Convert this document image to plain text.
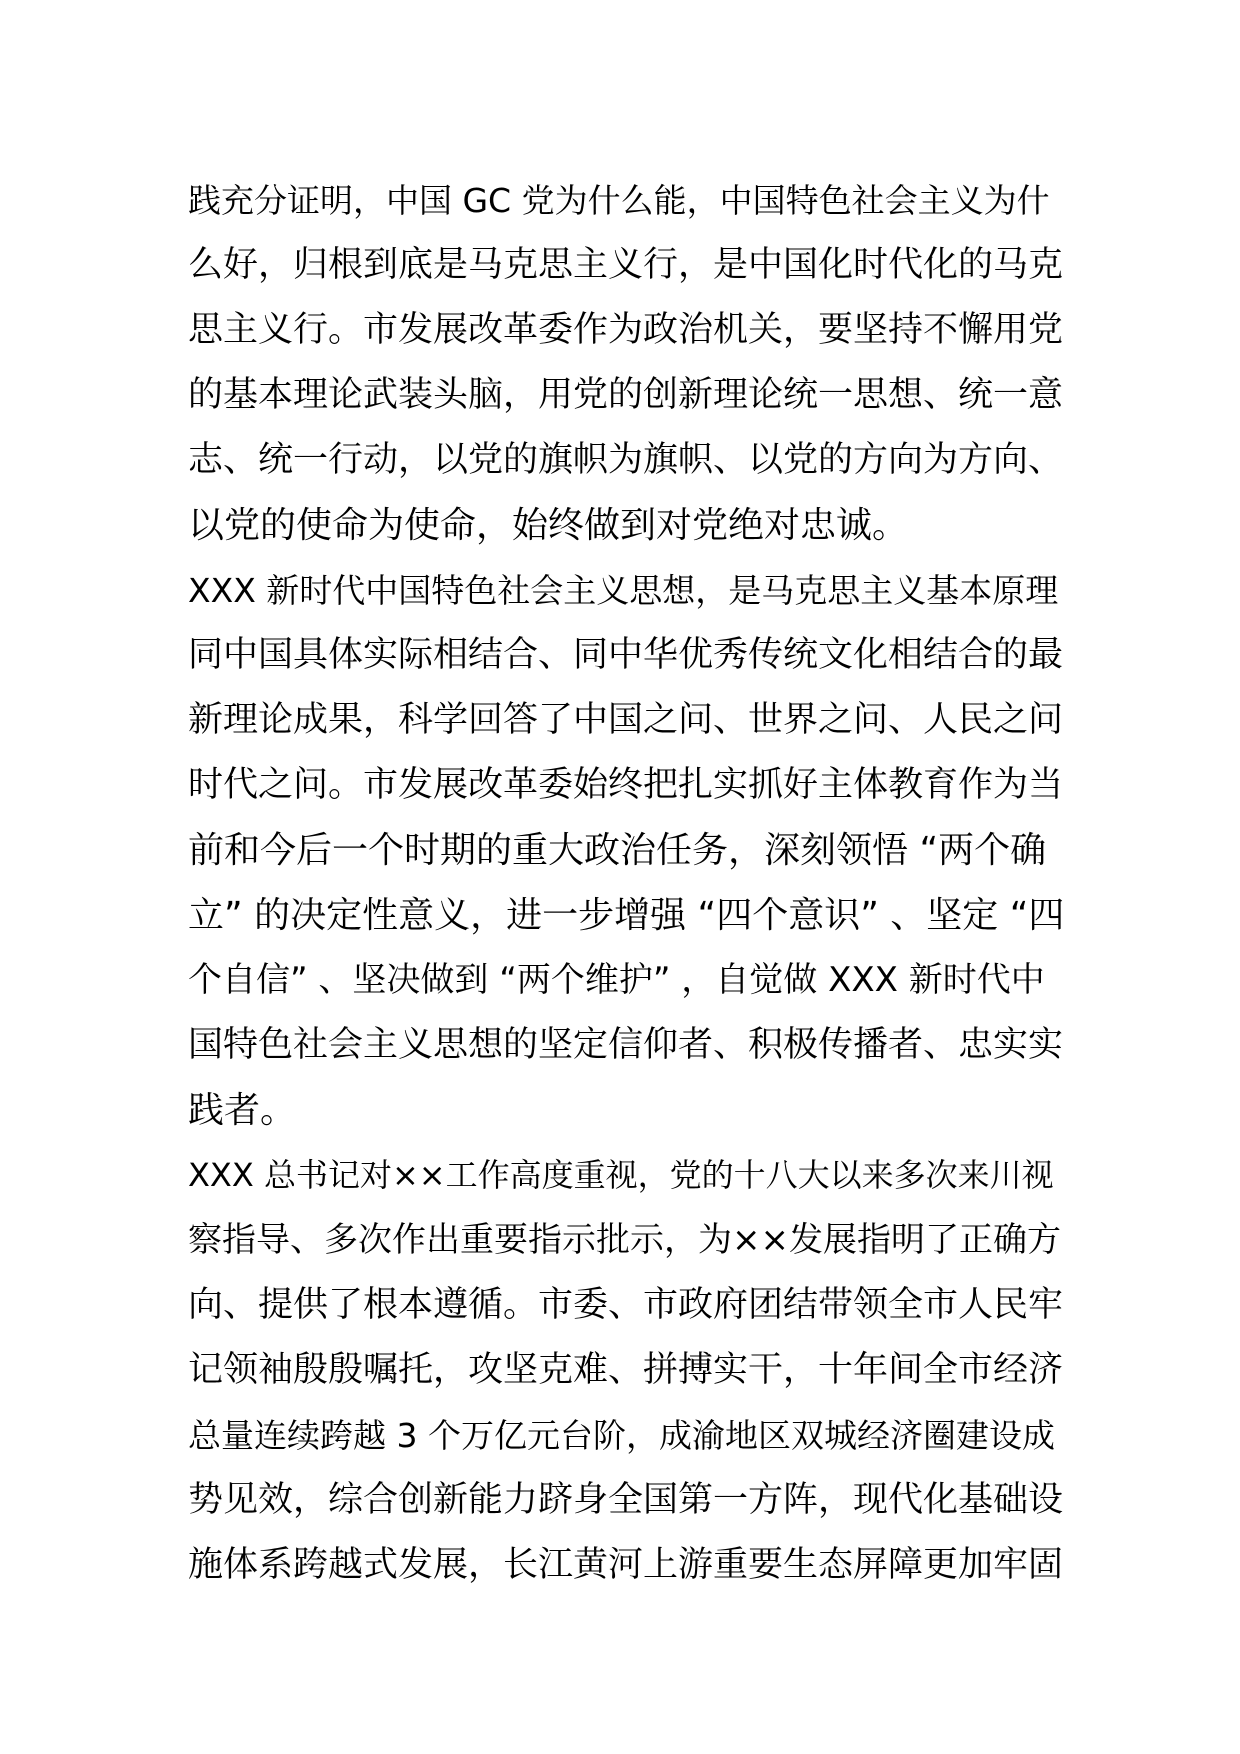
践充分证明，中国 GC 党为什么能，中国特色社会主义为什
么好，归根到底是马克思主义行，是中国化时代化的马克
思主义行。市发展改革委作为政治机关，要坚持不懈用党
的基本理论武装头脑，用党的创新理论统一思想、统一意
志、统一行动，以党的旗帜为旗帜、以党的方向为方向、
以党的使命为使命，始终做到对党绝对忠诚。
XXX 新时代中国特色社会主义思想，是马克思主义基本原理
同中国具体实际相结合、同中华优秀传统文化相结合的最
新理论成果，科学回答了中国之问、世界之问、人民之问
时代之问。市发展改革委始终把扎实抓好主体教育作为当
前和今后一个时期的重大政治任务，深刻领悟 “两个确
立” 的决定性意义，进一步增强 “四个意识” 、坚定 “四
个自信” 、坚决做到 “两个维护” ，自觉做 XXX 新时代中
国特色社会主义思想的坚定信仰者、积极传播者、忠实实
践者。
XXX 总书记对××工作高度重视，党的十八大以来多次来川视
察指导、多次作出重要指示批示，为××发展指明了正确方
向、提供了根本遵循。市委、市政府团结带领全市人民牢
记领袖殷殷嘱托，攻坚克难、拼搏实干，十年间全市经济
总量连续跨越 3 个万亿元台阶，成渝地区双城经济圈建设成
势见效，综合创新能力跻身全国第一方阵，现代化基础设
施体系跨越式发展，长江黄河上游重要生态屏障更加牢固
